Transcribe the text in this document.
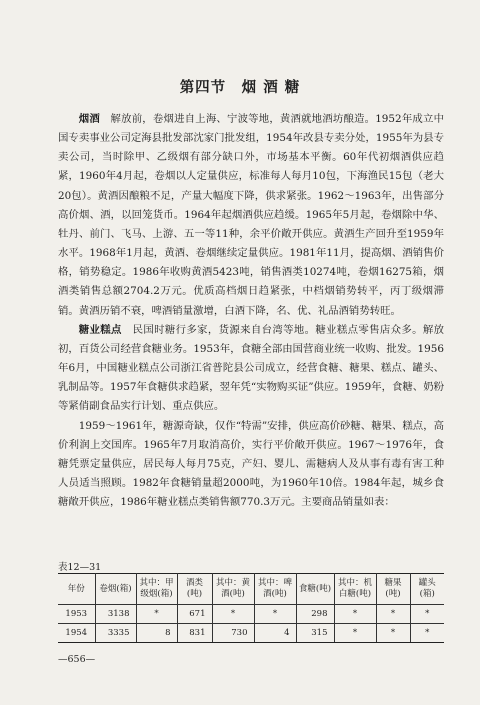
第四节　烟 酒 糖

烟酒　解放前，卷烟进自上海、宁波等地，黄酒就地酒坊酿造。1952年成立中国专卖事业公司定海县批发部沈家门批发组，1954年改县专卖分处，1955年为县专卖公司，当时除甲、乙级烟有部分缺口外，市场基本平衡。60年代初烟酒供应趋紧，1960年4月起，卷烟以人定量供应，标准每人每月10包，下海渔民15包（老大20包）。黄酒因酿粮不足，产量大幅度下降，供求紧张。1962～1963年，出售部分高价烟、酒，以回笼货币。1964年起烟酒供应趋缓。1965年5月起，卷烟除中华、牡丹、前门、飞马、上游、五一等11种，余平价敞开供应。黄酒生产回升至1959年水平。1968年1月起，黄酒、卷烟继续定量供应。1981年11月，提高烟、酒销售价格，销势稳定。1986年收购黄酒5423吨，销售酒类10274吨，卷烟16275箱，烟酒类销售总额2704.2万元。优质高档烟日趋紧张，中档烟销势转平，丙丁级烟滞销。黄酒历销不衰，啤酒销量激增，白酒下降，名、优、礼品酒销势转旺。

糖业糕点　民国时糖行多家，货源来自台湾等地。糖业糕点零售店众多。解放初，百货公司经营食糖业务。1953年，食糖全部由国营商业统一收购、批发。1956年6月，中国糖业糕点公司浙江省普陀县公司成立，经营食糖、糖果、糕点、罐头、乳制品等。1957年食糖供求趋紧，翌年凭“实物购买证”供应。1959年，食糖、奶粉等紧俏副食品实行计划、重点供应。

1959～1961年，糖源奇缺，仅作“特需”安排，供应高价砂糖、糖果、糕点，高价利润上交国库。1965年7月取消高价，实行平价敞开供应。1967～1976年，食糖凭票定量供应，居民每人每月75克，产妇、婴儿、需糖病人及从事有毒有害工种人员适当照顾。1982年食糖销量超2000吨，为1960年10倍。1984年起，城乡食糖敞开供应，1986年糖业糕点类销售额770.3万元。主要商品销量如表：

表12—31
年份	卷烟(箱)	其中：甲级烟(箱)	酒类(吨)	其中：黄酒(吨)	其中：啤酒(吨)	食糖(吨)	其中：机白糖(吨)	糖果(吨)	罐头(箱)
1953	3138	*	671	*	*	298	*	*	*
1954	3335	8	831	730	4	315	*	*	*
—656—
